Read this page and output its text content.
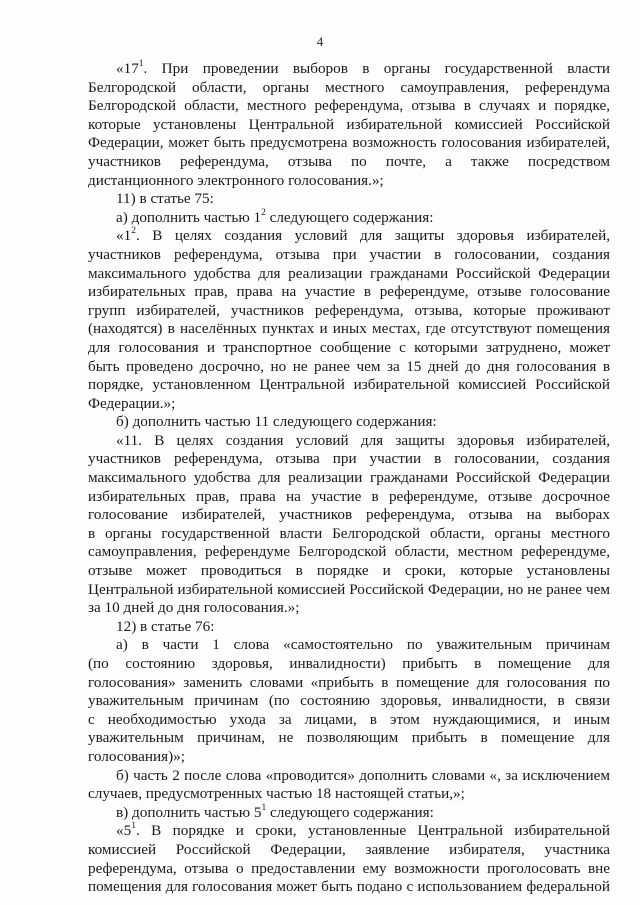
4
«$17^1$. При проведении выборов в органы государственной власти
Белгородской области, органы местного самоуправления, референдума
Белгородской области, местного референдума, отзыва в случаях и порядке,
которые установлены Центральной избирательной комиссией Российской
Федерации, может быть предусмотрена возможность голосования избирателей,
участников референдума, отзыва по почте, а также посредством
дистанционного электронного голосования.»;
11) в статье 75:
а) дополнить частью $1^2$ следующего содержания:
«$1^2$. В целях создания условий для защиты здоровья избирателей,
участников референдума, отзыва при участии в голосовании, создания
максимального удобства для реализации гражданами Российской Федерации
избирательных прав, права на участие в референдуме, отзыве голосование
групп избирателей, участников референдума, отзыва, которые проживают
(находятся) в населённых пунктах и иных местах, где отсутствуют помещения
для голосования и транспортное сообщение с которыми затруднено, может
быть проведено досрочно, но не ранее чем за 15 дней до дня голосования в
порядке, установленном Центральной избирательной комиссией Российской
Федерации.»;
б) дополнить частью 11 следующего содержания:
«11. В целях создания условий для защиты здоровья избирателей,
участников референдума, отзыва при участии в голосовании, создания
максимального удобства для реализации гражданами Российской Федерации
избирательных прав, права на участие в референдуме, отзыве досрочное
голосование избирателей, участников референдума, отзыва на выборах
в органы государственной власти Белгородской области, органы местного
самоуправления, референдуме Белгородской области, местном референдуме,
отзыве может проводиться в порядке и сроки, которые установлены
Центральной избирательной комиссией Российской Федерации, но не ранее чем
за 10 дней до дня голосования.»;
12) в статье 76:
а) в части 1 слова «самостоятельно по уважительным причинам
(по состоянию здоровья, инвалидности) прибыть в помещение для
голосования» заменить словами «прибыть в помещение для голосования по
уважительным причинам (по состоянию здоровья, инвалидности, в связи
с необходимостью ухода за лицами, в этом нуждающимися, и иным
уважительным причинам, не позволяющим прибыть в помещение для
голосования)»;
б) часть 2 после слова «проводится» дополнить словами «, за исключением
случаев, предусмотренных частью 18 настоящей статьи,»;
в) дополнить частью $5^1$ следующего содержания:
«$5^1$. В порядке и сроки, установленные Центральной избирательной
комиссией Российской Федерации, заявление избирателя, участника
референдума, отзыва о предоставлении ему возможности проголосовать вне
помещения для голосования может быть подано с использованием федеральной
